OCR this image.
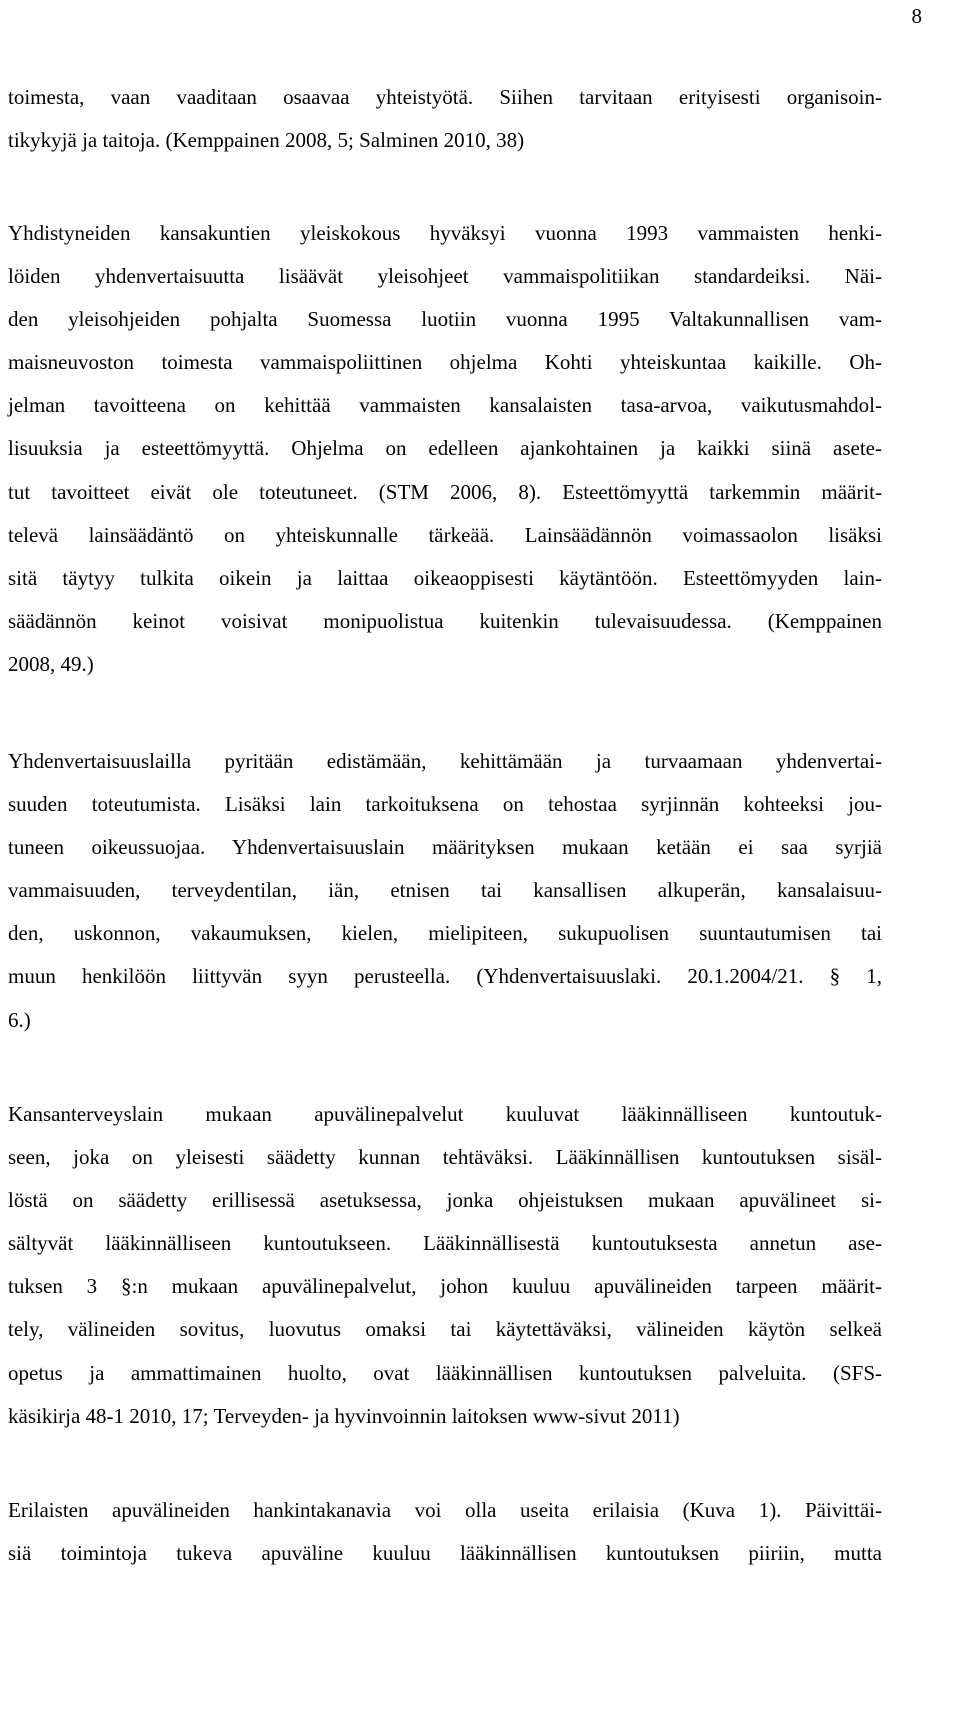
8
toimesta, vaan vaaditaan osaavaa yhteistyötä. Siihen tarvitaan erityisesti organisoin-
tikykyjä ja taitoja. (Kemppainen 2008, 5; Salminen 2010, 38)
Yhdistyneiden kansakuntien yleiskokous hyväksyi vuonna 1993 vammaisten henki-
löiden yhdenvertaisuutta lisäävät yleisohjeet vammaispolitiikan standardeiksi. Näi-
den yleisohjeiden pohjalta Suomessa luotiin vuonna 1995 Valtakunnallisen vam-
maisneuvoston toimesta vammaispoliittinen ohjelma Kohti yhteiskuntaa kaikille. Oh-
jelman tavoitteena on kehittää vammaisten kansalaisten tasa-arvoa, vaikutusmahdol-
lisuuksia ja esteettömyyttä. Ohjelma on edelleen ajankohtainen ja kaikki siinä asete-
tut tavoitteet eivät ole toteutuneet. (STM 2006, 8). Esteettömyyttä tarkemmin määrit-
televä lainsäädäntö on yhteiskunnalle tärkeää. Lainsäädännön voimassaolon lisäksi
sitä täytyy tulkita oikein ja laittaa oikeaoppisesti käytäntöön. Esteettömyyden lain-
säädännön keinot voisivat monipuolistua kuitenkin tulevaisuudessa. (Kemppainen
2008, 49.)
Yhdenvertaisuuslailla pyritään edistämään, kehittämään ja turvaamaan yhdenvertai-
suuden toteutumista. Lisäksi lain tarkoituksena on tehostaa syrjinnän kohteeksi jou-
tuneen oikeussuojaa. Yhdenvertaisuuslain määrityksen mukaan ketään ei saa syrjiä
vammaisuuden, terveydentilan, iän, etnisen tai kansallisen alkuperän, kansalaisuu-
den, uskonnon, vakaumuksen, kielen, mielipiteen, sukupuolisen suuntautumisen tai
muun henkilöön liittyvän syyn perusteella. (Yhdenvertaisuuslaki. 20.1.2004/21. § 1,
6.)
Kansanterveyslain mukaan apuvälinepalvelut kuuluvat lääkinnälliseen kuntoutuk-
seen, joka on yleisesti säädetty kunnan tehtäväksi. Lääkinnällisen kuntoutuksen sisäl-
löstä on säädetty erillisessä asetuksessa, jonka ohjeistuksen mukaan apuvälineet si-
sältyvät lääkinnälliseen kuntoutukseen. Lääkinnällisestä kuntoutuksesta annetun ase-
tuksen 3 §:n mukaan apuvälinepalvelut, johon kuuluu apuvälineiden tarpeen määrit-
tely, välineiden sovitus, luovutus omaksi tai käytettäväksi, välineiden käytön selkeä
opetus ja ammattimainen huolto, ovat lääkinnällisen kuntoutuksen palveluita. (SFS-
käsikirja 48-1 2010, 17; Terveyden- ja hyvinvoinnin laitoksen www-sivut 2011)
Erilaisten apuvälineiden hankintakanavia voi olla useita erilaisia (Kuva 1). Päivittäi-
siä toimintoja tukeva apuväline kuuluu lääkinnällisen kuntoutuksen piiriin, mutta
